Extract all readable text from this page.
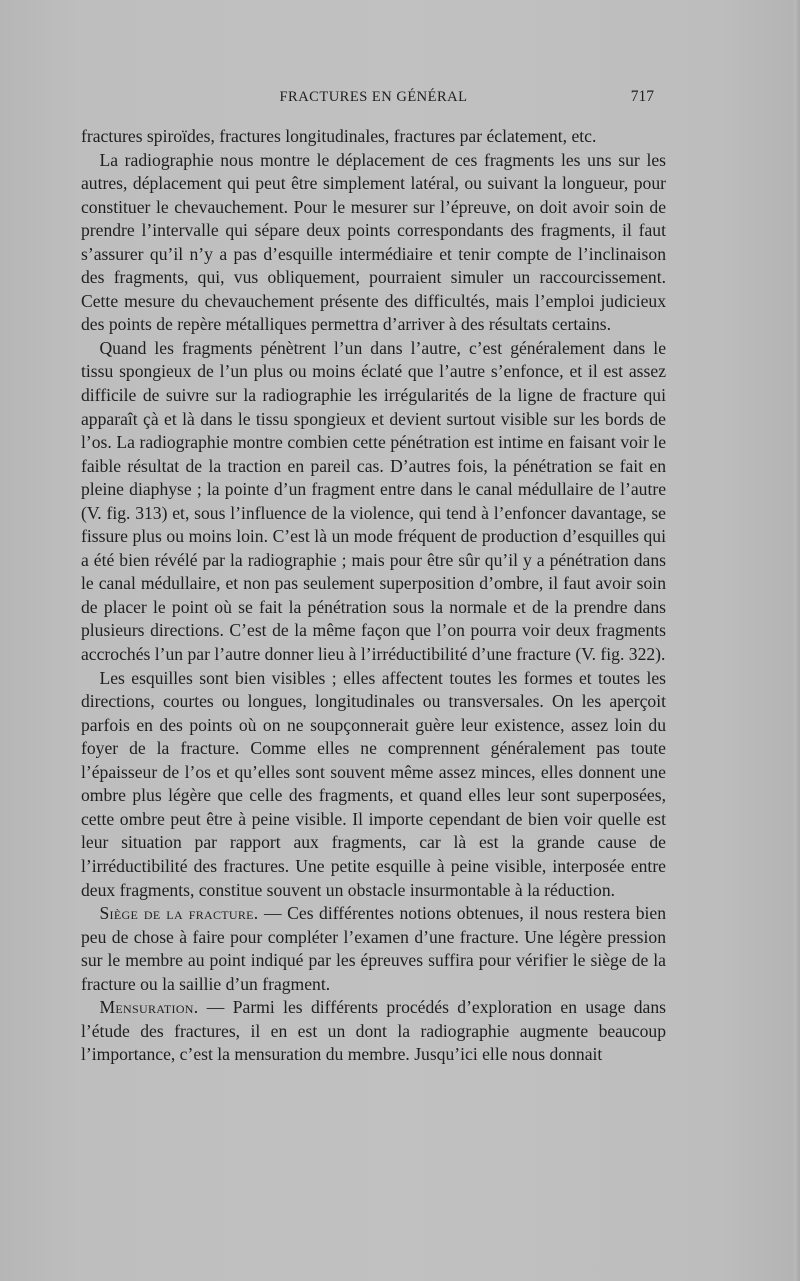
FRACTURES EN GÉNÉRAL	717

fractures spiroïdes, fractures longitudinales, fractures par éclatement, etc.

La radiographie nous montre le déplacement de ces fragments les uns sur les autres, déplacement qui peut être simplement latéral, ou suivant la longueur, pour constituer le chevauchement. Pour le mesurer sur l’épreuve, on doit avoir soin de prendre l’intervalle qui sépare deux points correspondants des fragments, il faut s’assurer qu’il n’y a pas d’esquille intermédiaire et tenir compte de l’inclinaison des fragments, qui, vus obliquement, pourraient simuler un raccourcissement. Cette mesure du chevauchement présente des difficultés, mais l’emploi judicieux des points de repère métalliques permettra d’arriver à des résultats certains.

Quand les fragments pénètrent l’un dans l’autre, c’est généralement dans le tissu spongieux de l’un plus ou moins éclaté que l’autre s’enfonce, et il est assez difficile de suivre sur la radiographie les irrégularités de la ligne de fracture qui apparaît çà et là dans le tissu spongieux et devient surtout visible sur les bords de l’os. La radiographie montre combien cette pénétration est intime en faisant voir le faible résultat de la traction en pareil cas. D’autres fois, la pénétration se fait en pleine diaphyse ; la pointe d’un fragment entre dans le canal médullaire de l’autre (V. fig. 313) et, sous l’influence de la violence, qui tend à l’enfoncer davantage, se fissure plus ou moins loin. C’est là un mode fréquent de production d’esquilles qui a été bien révélé par la radiographie ; mais pour être sûr qu’il y a pénétration dans le canal médullaire, et non pas seulement superposition d’ombre, il faut avoir soin de placer le point où se fait la pénétration sous la normale et de la prendre dans plusieurs directions. C’est de la même façon que l’on pourra voir deux fragments accrochés l’un par l’autre donner lieu à l’irréductibilité d’une fracture (V. fig. 322).

Les esquilles sont bien visibles ; elles affectent toutes les formes et toutes les directions, courtes ou longues, longitudinales ou transversales. On les aperçoit parfois en des points où on ne soupçonnerait guère leur existence, assez loin du foyer de la fracture. Comme elles ne comprennent généralement pas toute l’épaisseur de l’os et qu’elles sont souvent même assez minces, elles donnent une ombre plus légère que celle des fragments, et quand elles leur sont superposées, cette ombre peut être à peine visible. Il importe cependant de bien voir quelle est leur situation par rapport aux fragments, car là est la grande cause de l’irréductibilité des fractures. Une petite esquille à peine visible, interposée entre deux fragments, constitue souvent un obstacle insurmontable à la réduction.

Siège de la fracture. — Ces différentes notions obtenues, il nous restera bien peu de chose à faire pour compléter l’examen d’une fracture. Une légère pression sur le membre au point indiqué par les épreuves suffira pour vérifier le siège de la fracture ou la saillie d’un fragment.

Mensuration. — Parmi les différents procédés d’exploration en usage dans l’étude des fractures, il en est un dont la radiographie augmente beaucoup l’importance, c’est la mensuration du membre. Jusqu’ici elle nous donnait
